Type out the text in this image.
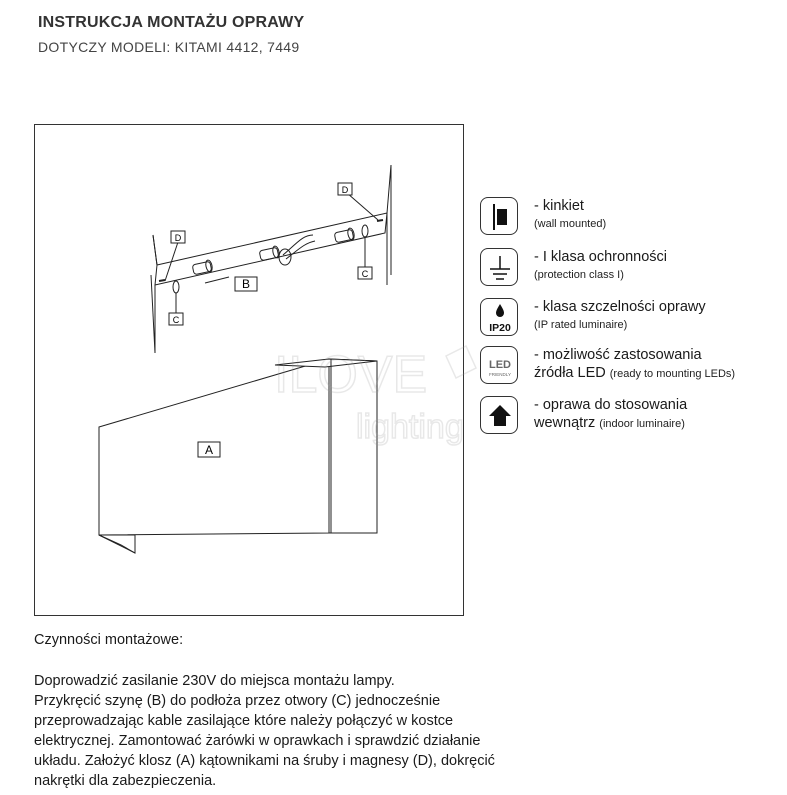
INSTRUKCJA MONTAŻU OPRAWY
DOTYCZY MODELI: KITAMI 4412, 7449
D
C
D
C
B
A
ILOVE
lighting
- kinkiet
(wall mounted)
- I klasa ochronności
(protection class I)
IP20
- klasa szczelności oprawy
(IP rated luminaire)
LED
FRIENDLY
- możliwość zastosowania
źródła LED (ready to mounting LEDs)
- oprawa do stosowania
wewnątrz (indoor luminaire)
Czynności montażowe:
Doprowadzić zasilanie 230V do miejsca montażu lampy.
Przykręcić szynę (B) do podłoża przez otwory (C) jednocześnie
przeprowadzając kable zasilające które należy połączyć w kostce
elektrycznej. Zamontować żarówki w oprawkach i sprawdzić działanie
układu. Założyć klosz (A) kątownikami na śruby i magnesy (D), dokręcić
nakrętki dla zabezpieczenia.
